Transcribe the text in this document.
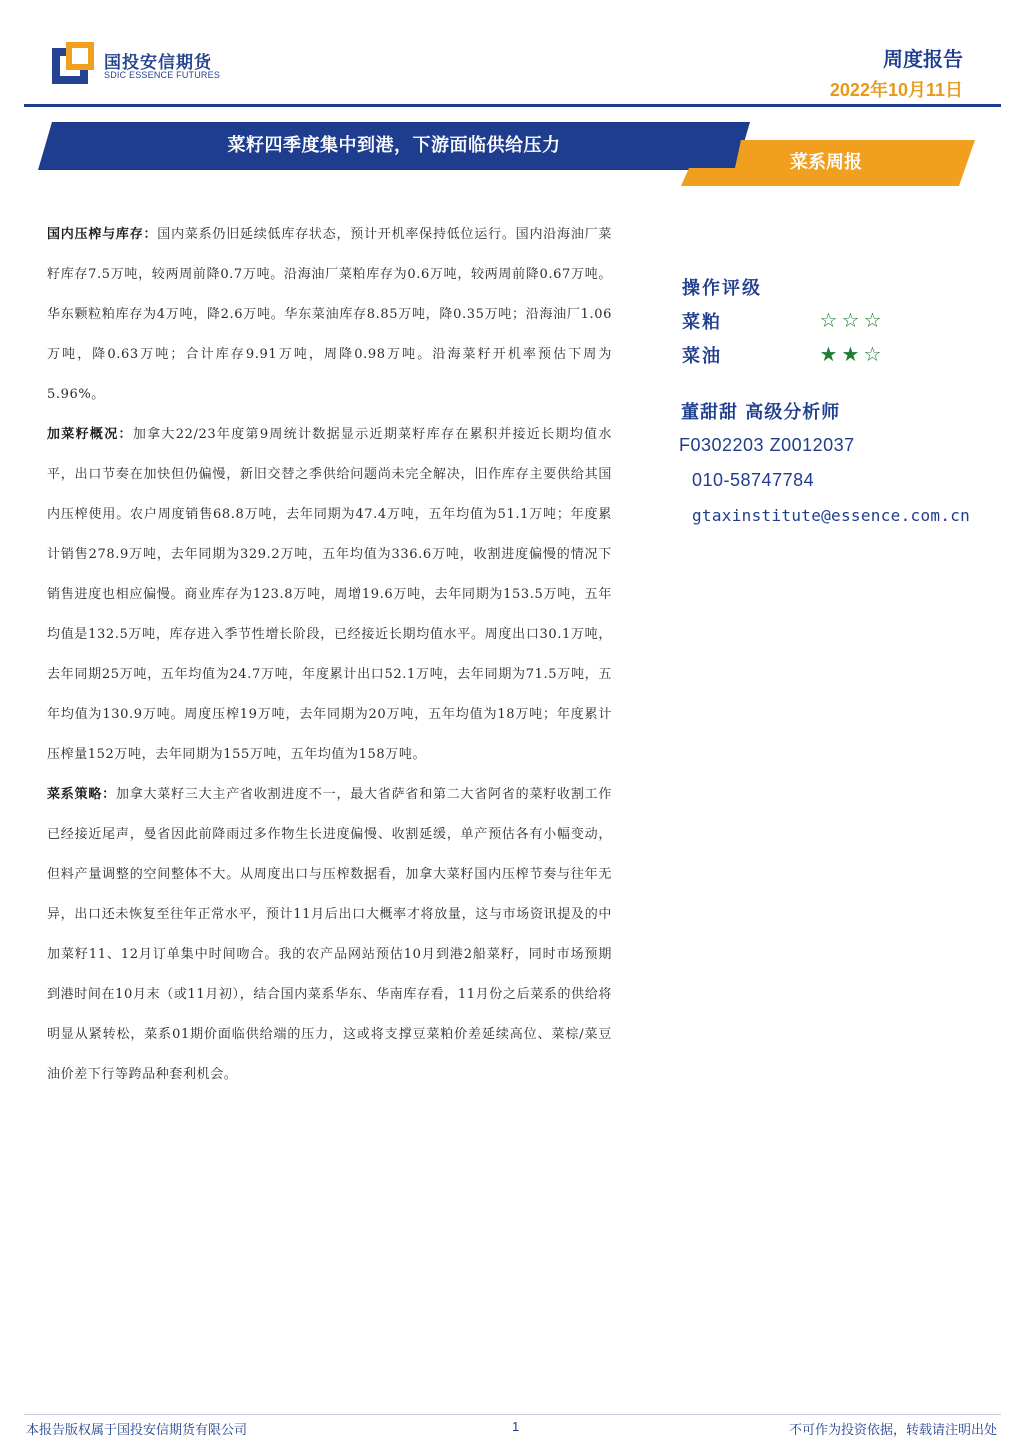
国投安信期货
SDIC ESSENCE FUTURES
周度报告
2022年10月11日
菜籽四季度集中到港，下游面临供给压力
菜系周报

国内压榨与库存：国内菜系仍旧延续低库存状态，预计开机率保持低位运行。国内沿海油厂菜籽库存7.5万吨，较两周前降0.7万吨。沿海油厂菜粕库存为0.6万吨，较两周前降0.67万吨。华东颗粒粕库存为4万吨，降2.6万吨。华东菜油库存8.85万吨，降0.35万吨；沿海油厂1.06万吨，降0.63万吨；合计库存9.91万吨，周降0.98万吨。沿海菜籽开机率预估下周为5.96%。

加菜籽概况：加拿大22/23年度第9周统计数据显示近期菜籽库存在累积并接近长期均值水平，出口节奏在加快但仍偏慢，新旧交替之季供给问题尚未完全解决，旧作库存主要供给其国内压榨使用。农户周度销售68.8万吨，去年同期为47.4万吨，五年均值为51.1万吨；年度累计销售278.9万吨，去年同期为329.2万吨，五年均值为336.6万吨，收割进度偏慢的情况下销售进度也相应偏慢。商业库存为123.8万吨，周增19.6万吨，去年同期为153.5万吨，五年均值是132.5万吨，库存进入季节性增长阶段，已经接近长期均值水平。周度出口30.1万吨，去年同期25万吨，五年均值为24.7万吨，年度累计出口52.1万吨，去年同期为71.5万吨，五年均值为130.9万吨。周度压榨19万吨，去年同期为20万吨，五年均值为18万吨；年度累计压榨量152万吨，去年同期为155万吨，五年均值为158万吨。

菜系策略：加拿大菜籽三大主产省收割进度不一，最大省萨省和第二大省阿省的菜籽收割工作已经接近尾声，曼省因此前降雨过多作物生长进度偏慢、收割延缓，单产预估各有小幅变动，但料产量调整的空间整体不大。从周度出口与压榨数据看，加拿大菜籽国内压榨节奏与往年无异，出口还未恢复至往年正常水平，预计11月后出口大概率才将放量，这与市场资讯提及的中加菜籽11、12月订单集中时间吻合。我的农产品网站预估10月到港2船菜籽，同时市场预期到港时间在10月末（或11月初），结合国内菜系华东、华南库存看，11月份之后菜系的供给将明显从紧转松，菜系01期价面临供给端的压力，这或将支撑豆菜粕价差延续高位、菜棕/菜豆油价差下行等跨品种套利机会。

操作评级
菜粕	☆ ☆ ☆
菜油	★ ★ ☆
董甜甜 高级分析师
F0302203 Z0012037
010-58747784
gtaxinstitute@essence.com.cn
本报告版权属于国投安信期货有限公司	1	不可作为投资依据，转载请注明出处
